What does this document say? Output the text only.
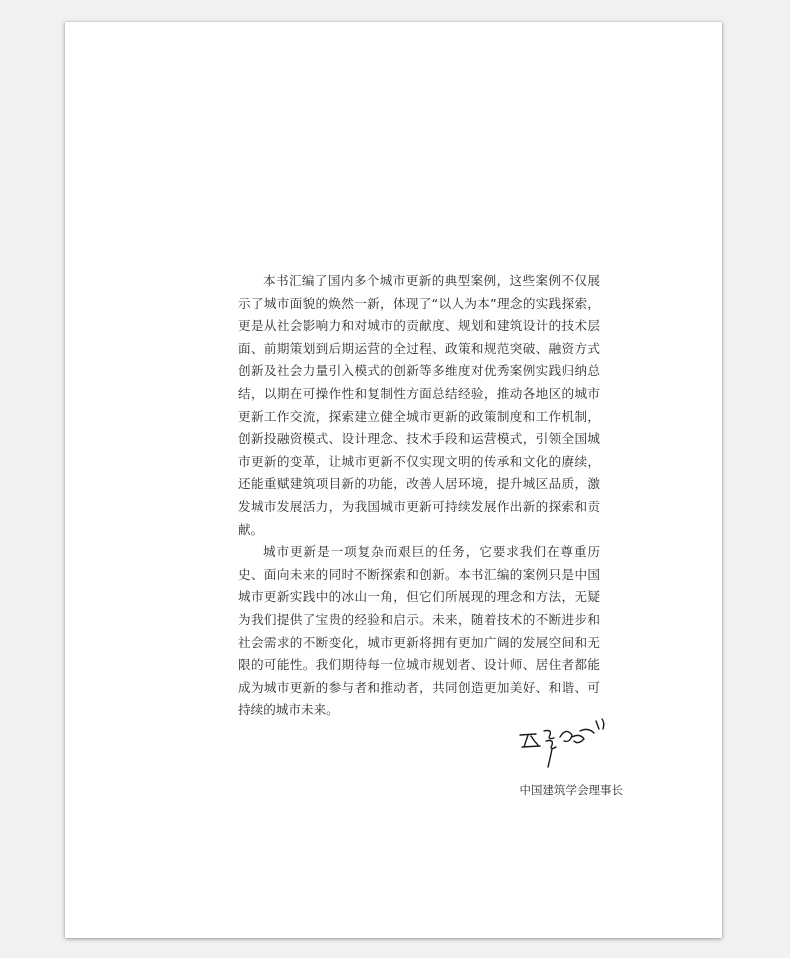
本书汇编了国内多个城市更新的典型案例，这些案例不仅展示了城市面貌的焕然一新，体现了“以人为本”理念的实践探索，更是从社会影响力和对城市的贡献度、规划和建筑设计的技术层面、前期策划到后期运营的全过程、政策和规范突破、融资方式创新及社会力量引入模式的创新等多维度对优秀案例实践归纳总结，以期在可操作性和复制性方面总结经验，推动各地区的城市更新工作交流，探索建立健全城市更新的政策制度和工作机制，创新投融资模式、设计理念、技术手段和运营模式，引领全国城市更新的变革，让城市更新不仅实现文明的传承和文化的赓续，还能重赋建筑项目新的功能，改善人居环境，提升城区品质，激发城市发展活力，为我国城市更新可持续发展作出新的探索和贡献。

城市更新是一项复杂而艰巨的任务，它要求我们在尊重历史、面向未来的同时不断探索和创新。本书汇编的案例只是中国城市更新实践中的冰山一角，但它们所展现的理念和方法，无疑为我们提供了宝贵的经验和启示。未来，随着技术的不断进步和社会需求的不断变化，城市更新将拥有更加广阔的发展空间和无限的可能性。我们期待每一位城市规划者、设计师、居住者都能成为城市更新的参与者和推动者，共同创造更加美好、和谐、可持续的城市未来。

中国建筑学会理事长
